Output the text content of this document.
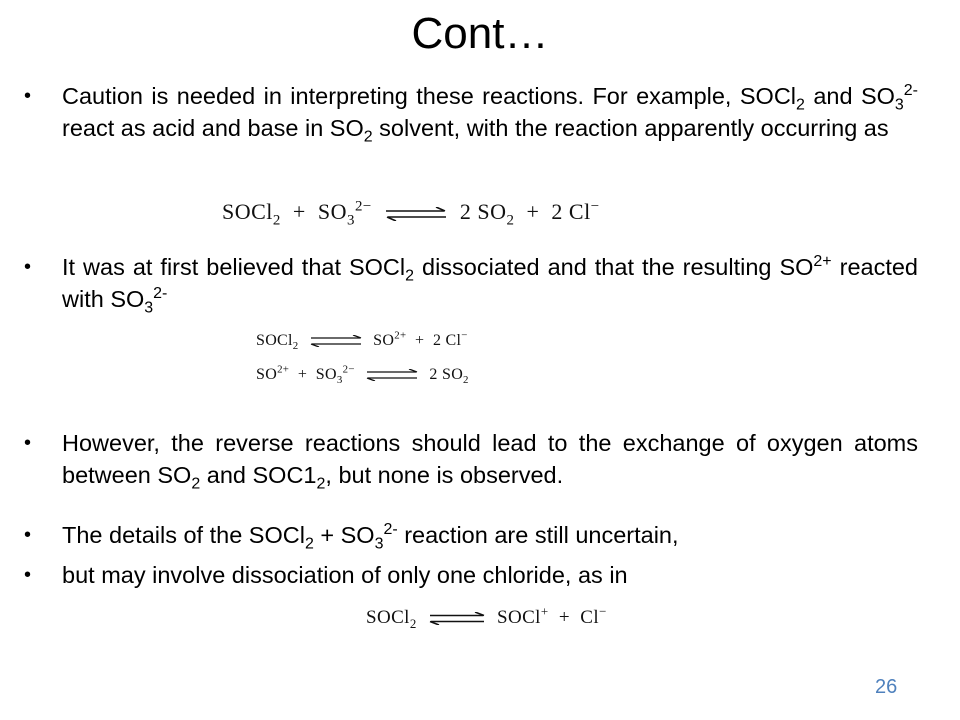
Cont…
• Caution is needed in interpreting these reactions. For example, SOCl$_2$ and $SO_3^{2-}$ react as acid and base in $SO_2$ solvent, with the reaction apparently occurring as
SOCl$_2$ + $SO_3^{2-}$ ⇌ 2 $SO_2 + 2$ Cl−
• It was at first believed that SOCl$_2$ dissociated and that the resulting $SO^{2+}$ reacted with $SO_3^{2-}$
SOCl$_2$ ⇌ $SO^{2+} + 2$ Cl−
$SO^{2+} + SO_3^{2-}$ ⇌ 2 $SO_2$
• However, the reverse reactions should lead to the exchange of oxygen atoms between $SO_2$ and $SOC1_2$, but none is observed.
• The details of the SOCl$_2$ + $SO_3^{2-}$ reaction are still uncertain,
• but may involve dissociation of only one chloride, as in
SOCl$_2$ ⇌ SOCl+ + Cl−
26
